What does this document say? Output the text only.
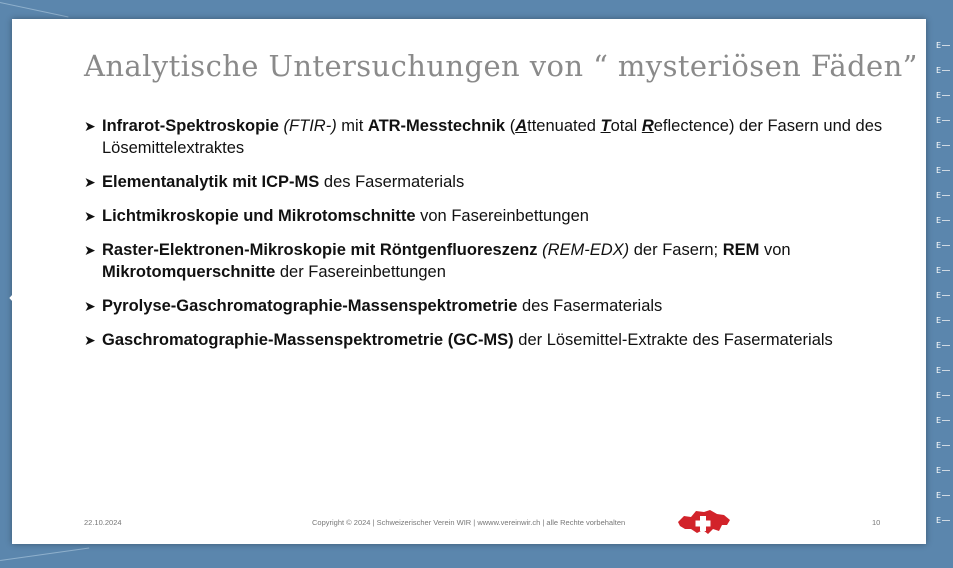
Analytische Untersuchungen von “ mysteriösen Fäden”
➤ Infrarot-Spektroskopie (FTIR-) mit ATR-Messtechnik (Attenuated Total Reflectence) der Fasern und des Lösemittelextraktes
➤ Elementanalytik mit ICP-MS des Fasermaterials
➤ Lichtmikroskopie und Mikrotomschnitte von Fasereinbettungen
➤ Raster-Elektronen-Mikroskopie mit Röntgenfluoreszenz (REM-EDX) der Fasern; REM von Mikrotomquerschnitte der Fasereinbettungen
➤ Pyrolyse-Gaschromatographie-Massenspektrometrie des Fasermaterials
➤ Gaschromatographie-Massenspektrometrie (GC-MS) der Lösemittel-Extrakte des Fasermaterials
22.10.2024	Copyright © 2024 | Schweizerischer Verein WIR | wwww.vereinwir.ch | alle Rechte vorbehalten	10
E
E
E
E
E
E
E
E
E
E
E
E
E
E
E
E
E
E
E
E
